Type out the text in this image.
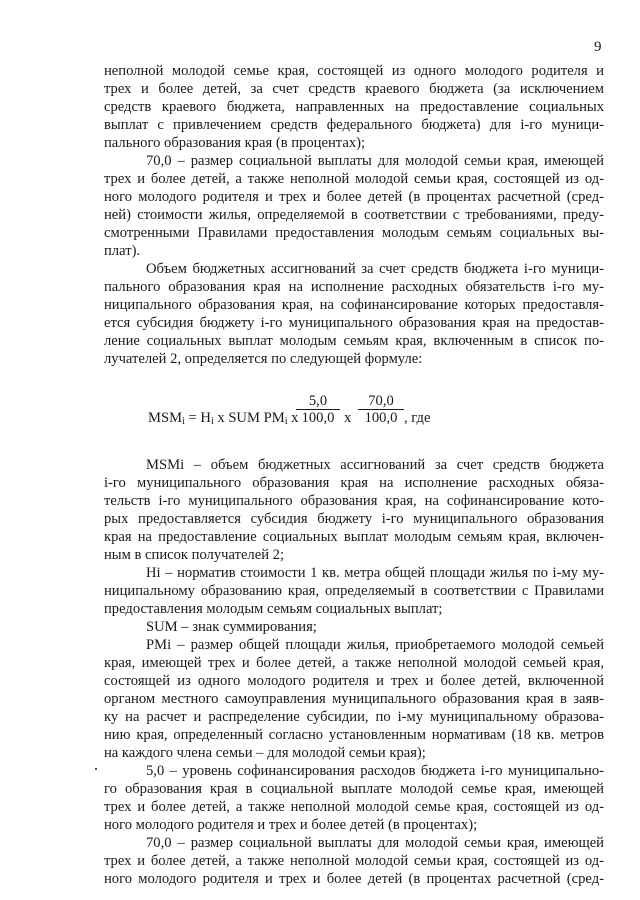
9
неполной молодой семье края, состоящей из одного молодого родителя и
трех и более детей, за счет средств краевого бюджета (за исключением
средств краевого бюджета, направленных на предоставление социальных
выплат с привлечением средств федерального бюджета) для i-го муници-
пального образования края (в процентах);
70,0 – размер социальной выплаты для молодой семьи края, имеющей
трех и более детей, а также неполной молодой семьи края, состоящей из од-
ного молодого родителя и трех и более детей (в процентах расчетной (сред-
ней) стоимости жилья, определяемой в соответствии с требованиями, преду-
смотренными Правилами предоставления молодым семьям социальных вы-
плат).
Объем бюджетных ассигнований за счет средств бюджета i-го муници-
пального образования края на исполнение расходных обязательств i-го му-
ниципального образования края, на софинансирование которых предоставля-
ется субсидия бюджету i-го муниципального образования края на предостав-
ление социальных выплат молодым семьям края, включенным в список по-
лучателей 2, определяется по следующей формуле:
$MSM_i = H_i$ x SUM $PM_i$ x
5,0
100,0 x
70,0
100,0 , где
MSMi – объем бюджетных ассигнований за счет средств бюджета
i-го муниципального образования края на исполнение расходных обяза-
тельств i-го муниципального образования края, на софинансирование кото-
рых предоставляется субсидия бюджету i-го муниципального образования
края на предоставление социальных выплат молодым семьям края, включен-
ным в список получателей 2;
Hi – норматив стоимости 1 кв. метра общей площади жилья по i-му му-
ниципальному образованию края, определяемый в соответствии с Правилами
предоставления молодым семьям социальных выплат;
SUM – знак суммирования;
PMi – размер общей площади жилья, приобретаемого молодой семьей
края, имеющей трех и более детей, а также неполной молодой семьей края,
состоящей из одного молодого родителя и трех и более детей, включенной
органом местного самоуправления муниципального образования края в заяв-
ку на расчет и распределение субсидии, по i-му муниципальному образова-
нию края, определенный согласно установленным нормативам (18 кв. метров
на каждого члена семьи – для молодой семьи края);
5,0 – уровень софинансирования расходов бюджета i-го муниципально-
го образования края в социальной выплате молодой семье края, имеющей
трех и более детей, а также неполной молодой семье края, состоящей из од-
ного молодого родителя и трех и более детей (в процентах);
70,0 – размер социальной выплаты для молодой семьи края, имеющей
трех и более детей, а также неполной молодой семьи края, состоящей из од-
ного молодого родителя и трех и более детей (в процентах расчетной (сред-
